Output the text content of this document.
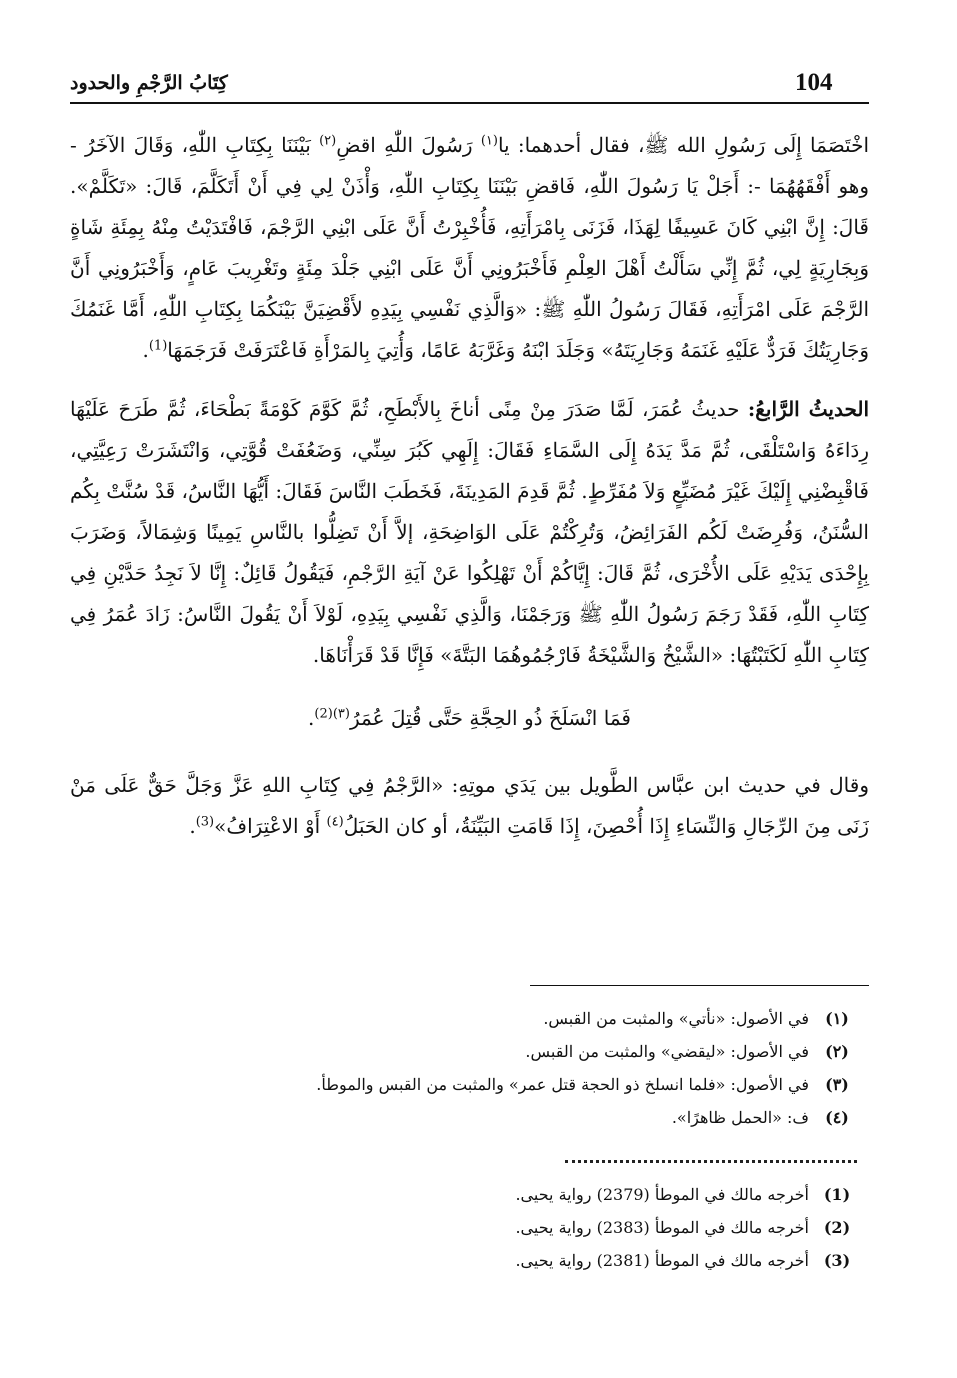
104
كِتَابُ الرَّجْمِ والحدود

اخْتَصَمَا إِلَى رَسُولِ الله ﷺ، فقال أحدهما: يا$^{(١)}$ رَسُولَ اللّٰهِ اقضِ$^{(٢)}$ بَيْنَنَا بِكِتَابِ اللّٰهِ، وَقَالَ الآخَرُ - وهو أَفْقَهُهُمَا -: أَجَلْ يَا رَسُولَ اللّٰهِ، فَاقضِ بَيْنَنَا بِكِتَابِ اللّٰهِ، وَأْذَنْ لِي فِي أَنْ أَتَكَلَّمَ، قَالَ: «تَكَلَّمْ». قَالَ: إِنَّ ابْنِي كَانَ عَسِيفًا لِهَذَا، فَزَنَى بِامْرَأَتِهِ، فَأُخْبِرْتُ أَنَّ عَلَى ابْنِي الرَّجْمَ، فَافْتَدَيْتُ مِنْهُ بِمِئَةِ شَاةٍ وَبِجَارِيَةٍ لِي، ثُمَّ إِنِّي سَأَلْتُ أَهْلَ العِلْمِ فَأَخْبَرُونِي أَنَّ عَلَى ابْنِي جَلْدَ مِئَةٍ وتَغْرِيبَ عَامٍ، وَأَخْبَرُونِي أَنَّ الرَّجْمَ عَلَى امْرَأَتِهِ، فَقَالَ رَسُولُ اللّٰهِ ﷺ: «وَالَّذِي نَفْسِي بِيَدِهِ لأَقْضِيَنَّ بَيْنَكُمَا بِكِتَابِ اللّٰهِ، أَمَّا غَنَمُكَ وَجَارِيَتُكَ فَرَدٌّ عَلَيْهِ غَنَمَهُ وَجَارِيَتَهُ» وَجَلَدَ ابْنَهُ وَغَرَّبَهُ عَامًا، وَأُتِيَ بِالمَرْأَةِ فَاعْتَرَفَتْ فَرَجَمَهَا$^{(1)}$.

الحديثُ الرَّابعُ: حديثُ عُمَرَ، لَمَّا صَدَرَ مِنْ مِنًى أناخَ بِالأَبْطَحِ، ثُمَّ كَوَّمَ كَوْمَةً بَطْحَاءَ، ثُمَّ طَرَحَ عَلَيْهَا رِدَاءَهُ وَاسْتَلْقَى، ثُمَّ مَدَّ يَدَهُ إِلَى السَّمَاءِ فَقَالَ: إِلَهِي كَبُرَ سِنِّي، وَضَعُفَتْ قُوَّتِي، وَانْتَشَرَتْ رَعِيَّتِي، فَاقْبِضْنِي إِلَيْكَ غَيْرَ مُضَيِّعٍ وَلاَ مُفَرِّطٍ. ثُمَّ قَدِمَ المَدِينَةَ، فَخَطَبَ النَّاسَ فَقَالَ: أَيُّهَا النَّاسُ، قَدْ سُنَّتْ بِكُم السُّنَنُ، وَفُرِضَتْ لَكُم الفَرَائِضُ، وَتُرِكْتُمْ عَلَى الوَاضِحَةِ، إلاَّ أَنْ تَضِلُّوا بالنَّاسِ يَمِينًا وَشِمَالاً، وَضَرَبَ بِإِحْدَى يَدَيْهِ عَلَى الأُخْرَى، ثُمَّ قَالَ: إِيَّاكُمْ أَنْ تَهْلِكُوا عَنْ آيَةِ الرَّجْمِ، فَيَقُولُ قَائِلٌ: إِنَّا لاَ نَجِدُ حَدَّيْنِ فِي كِتَابِ اللّٰهِ، فَقَدْ رَجَمَ رَسُولُ اللّٰهِ ﷺ وَرَجَمْنَا، وَالَّذِي نَفْسِي بِيَدِهِ، لَوْلاَ أَنْ يَقُولَ النَّاسُ: زَادَ عُمَرُ فِي كِتَابِ اللّٰهِ لَكَتَبْتُهَا: «الشَّيْخُ وَالشَّيْخَةُ فَارْجُمُوهُمَا البَتَّةَ» فَإِنَّا قَدْ قَرَأْنَاهَا.

فَمَا انْسَلَخَ ذُو الحِجَّةِ حَتَّى قُتِلَ عُمَرُ$^{(٣)(2)}$.

وقال في حديث ابن عبَّاس الطَّويل بين يَدَي موتِهِ: «الرَّجْمُ فِي كِتَابِ اللهِ عَزَّ وَجَلَّ حَقٌّ عَلَى مَنْ زَنَى مِنَ الرِّجَالِ وَالنِّسَاءِ إِذَا أُحْصِنَ، إِذَا قَامَتِ البَيِّنَةُ، أو كان الحَبَلُ$^{(٤)}$ أَوْ الاعْتِرَافُ»$^{(3)}$.

(١)
في الأصول: «نأتي» والمثبت من القبس.
(٢)
في الأصول: «ليقضي» والمثبت من القبس.
(٣)
في الأصول: «فلما انسلخ ذو الحجة قتل عمر» والمثبت من القبس والموطأ.
(٤)
ف: «الحمل ظاهرًا».
(1)
أخرجه مالك في الموطأ (2379) رواية يحيى.
(2)
أخرجه مالك في الموطأ (2383) رواية يحيى.
(3)
أخرجه مالك في الموطأ (2381) رواية يحيى.
